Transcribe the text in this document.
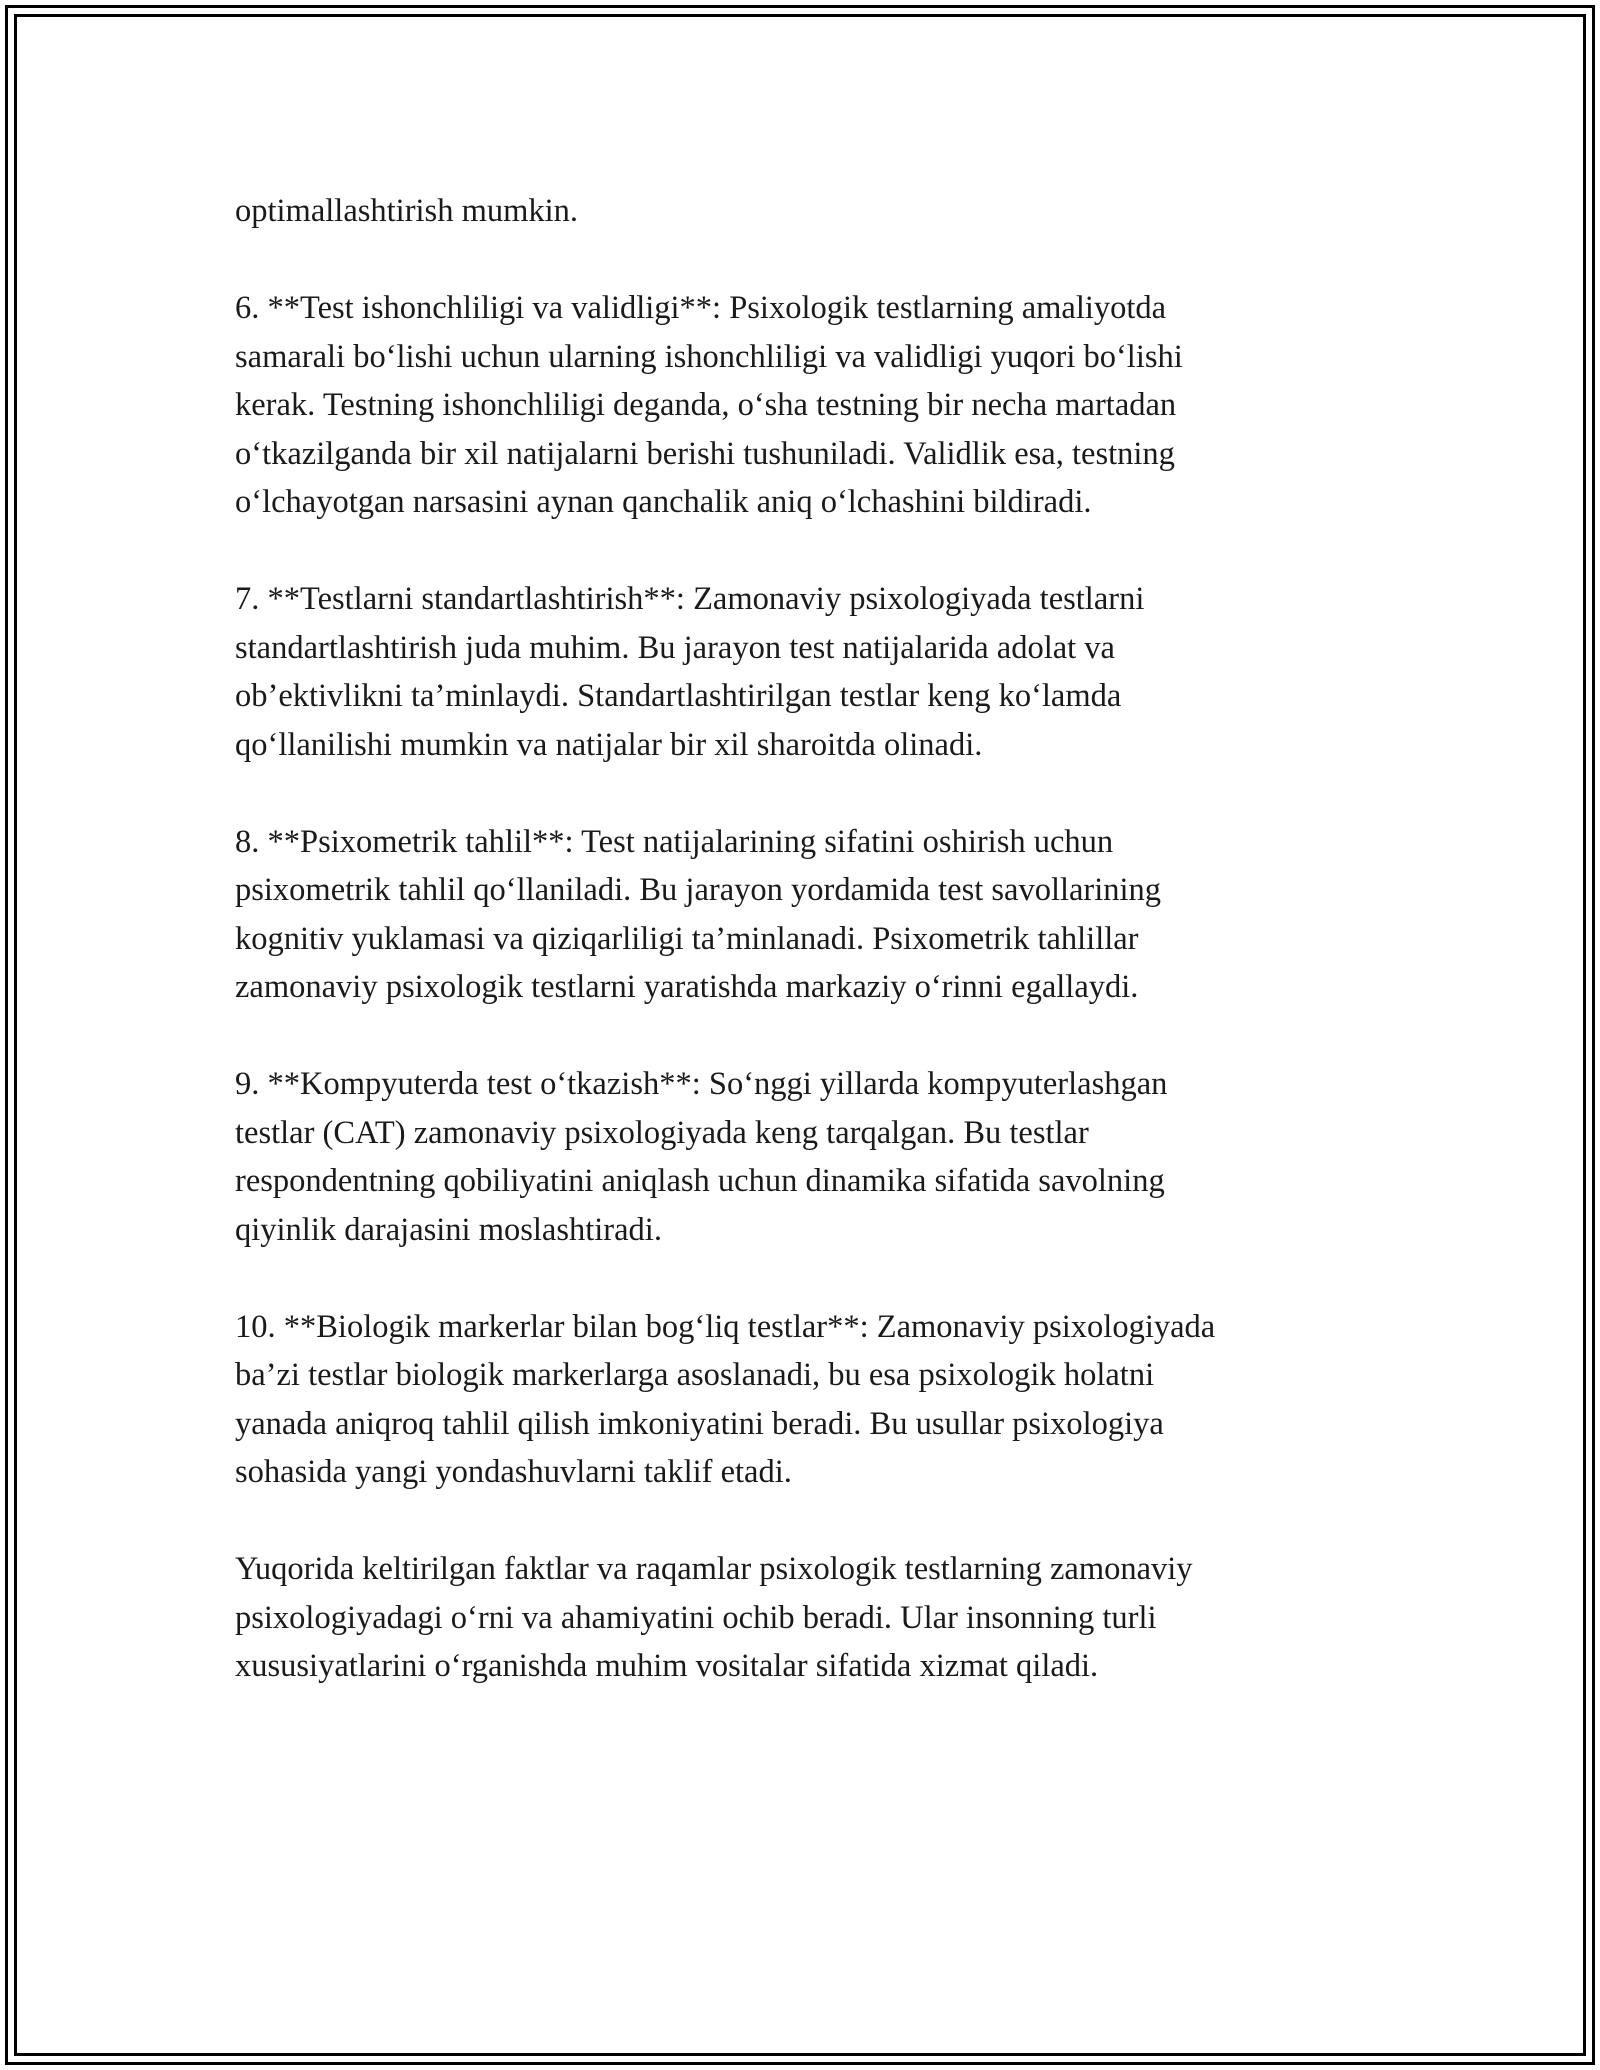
optimallashtirish mumkin.

6. **Test ishonchliligi va validligi**: Psixologik testlarning amaliyotda
samarali bo‘lishi uchun ularning ishonchliligi va validligi yuqori bo‘lishi
kerak. Testning ishonchliligi deganda, o‘sha testning bir necha martadan
o‘tkazilganda bir xil natijalarni berishi tushuniladi. Validlik esa, testning
o‘lchayotgan narsasini aynan qanchalik aniq o‘lchashini bildiradi.

7. **Testlarni standartlashtirish**: Zamonaviy psixologiyada testlarni
standartlashtirish juda muhim. Bu jarayon test natijalarida adolat va
ob’ektivlikni ta’minlaydi. Standartlashtirilgan testlar keng ko‘lamda
qo‘llanilishi mumkin va natijalar bir xil sharoitda olinadi.

8. **Psixometrik tahlil**: Test natijalarining sifatini oshirish uchun
psixometrik tahlil qo‘llaniladi. Bu jarayon yordamida test savollarining
kognitiv yuklamasi va qiziqarliligi ta’minlanadi. Psixometrik tahlillar
zamonaviy psixologik testlarni yaratishda markaziy o‘rinni egallaydi.

9. **Kompyuterda test o‘tkazish**: So‘nggi yillarda kompyuterlashgan
testlar (CAT) zamonaviy psixologiyada keng tarqalgan. Bu testlar
respondentning qobiliyatini aniqlash uchun dinamika sifatida savolning
qiyinlik darajasini moslashtiradi.

10. **Biologik markerlar bilan bog‘liq testlar**: Zamonaviy psixologiyada
ba’zi testlar biologik markerlarga asoslanadi, bu esa psixologik holatni
yanada aniqroq tahlil qilish imkoniyatini beradi. Bu usullar psixologiya
sohasida yangi yondashuvlarni taklif etadi.

Yuqorida keltirilgan faktlar va raqamlar psixologik testlarning zamonaviy
psixologiyadagi o‘rni va ahamiyatini ochib beradi. Ular insonning turli
xususiyatlarini o‘rganishda muhim vositalar sifatida xizmat qiladi.
